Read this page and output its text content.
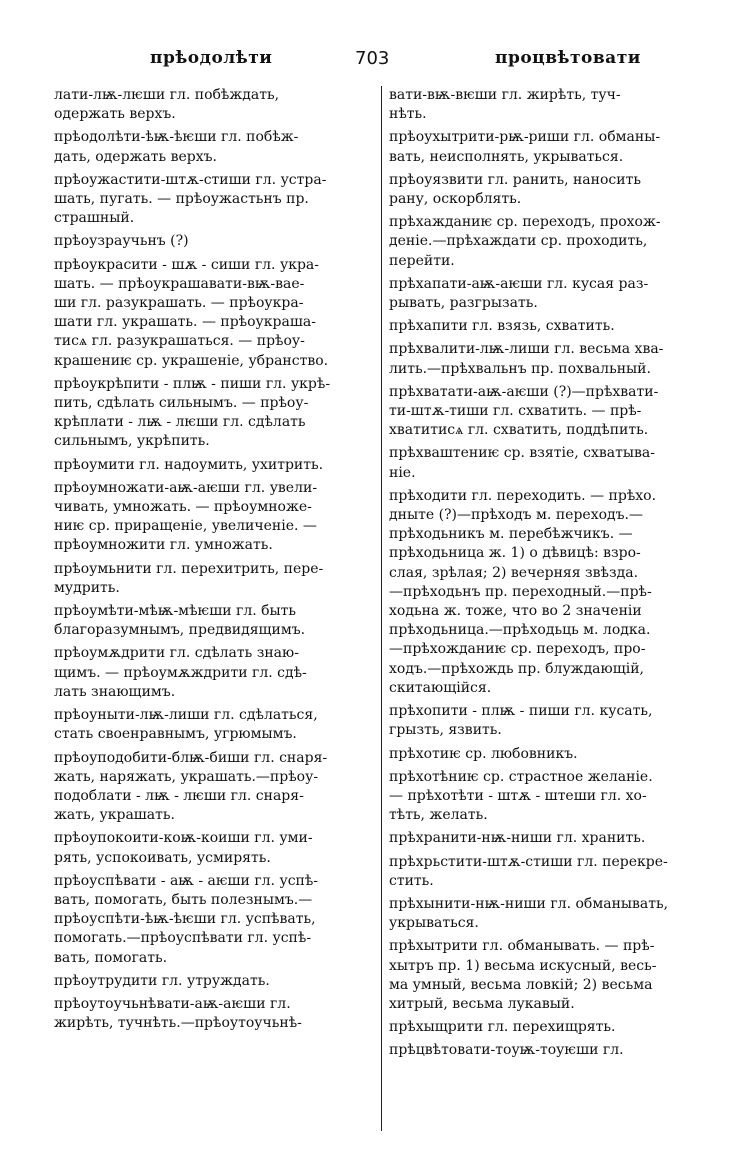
прѣодолѣти	703	процвѣтовати
лати-лѭ-лѥши гл. побѣждать,
одержать верхъ.
прѣодолѣти-ѣѭ-ѣѥши гл. побѣж-
дать, одержать верхъ.
прѣоужастити-штѫ-стиши гл. устра-
шать, пугать. — прѣоужастьнъ пр.
страшный.
прѣоузраучьнъ (?)
прѣоукрасити - шѫ - сиши гл. укра-
шать. — прѣоукрашавати-вѭ-вае-
ши гл. разукрашать. — прѣоукра-
шати гл. украшать. — прѣоукраша-
тисѧ гл. разукрашаться. — прѣоу-
крашениѥ ср. украшеніе, убранство.
прѣоукрѣпити - плѭ - пиши гл. укрѣ-
пить, сдѣлать сильнымъ. — прѣоу-
крѣплати - лѭ - лѥши гл. сдѣлать
сильнымъ, укрѣпить.
прѣоумити гл. надоумить, ухитрить.
прѣоумножати-аѭ-аѥши гл. увели-
чивать, умножать. — прѣоумноже-
ниѥ ср. приращеніе, увеличеніе. —
прѣоумножити гл. умножать.
прѣоумьнити гл. перехитрить, пере-
мудрить.
прѣоумѣти-мѣѭ-мѣѥши гл. быть
благоразумнымъ, предвидящимъ.
прѣоумѫдрити гл. сдѣлать знаю-
щимъ. — прѣоумѫждрити гл. сдѣ-
лать знающимъ.
прѣоуныти-лѭ-лиши гл. сдѣлаться,
стать своенравнымъ, угрюмымъ.
прѣоуподобити-блѭ-биши гл. снаря-
жать, наряжать, украшать.—прѣоу-
подоблати - лѭ - лѥши гл. снаря-
жать, украшать.
прѣоупокоити-коѭ-коиши гл. уми-
рять, успокоивать, усмирять.
прѣоуспѣвати - аѭ - аѥши гл. успѣ-
вать, помогать, быть полезнымъ.—
прѣоуспѣти-ѣѭ-ѣѥши гл. успѣвать,
помогать.—прѣоуспѣвати гл. успѣ-
вать, помогать.
прѣоутрудити гл. утруждать.
прѣоутоучьнѣвати-аѭ-аѥши гл.
жирѣть, тучнѣть.—прѣоутоучьнѣ-
вати-вѭ-вѥши гл. жирѣть, туч-
нѣть.
прѣоухытрити-рѭ-риши гл. обманы-
вать, неисполнять, укрываться.
прѣоуязвити гл. ранить, наносить
рану, оскорблять.
прѣхажданиѥ ср. переходъ, прохож-
деніе.—прѣхаждати ср. проходить,
перейти.
прѣхапати-аѭ-аѥши гл. кусая раз-
рывать, разгрызать.
прѣхапити гл. взязь, схватить.
прѣхвалити-лѭ-лиши гл. весьма хва-
лить.—прѣхвальнъ пр. похвальный.
прѣхватати-аѭ-аѥши (?)—прѣхвати-
ти-штѫ-тиши гл. схватить. — прѣ-
хватитисѧ гл. схватить, поддѣпить.
прѣхваштениѥ ср. взятіе, схватыва-
ніе.
прѣходити гл. переходить. — прѣхо.
дныте (?)—прѣходъ м. переходъ.—
прѣходьникъ м. перебѣжчикъ. —
прѣходьница ж. 1) о дѣвицѣ: взро-
слая, зрѣлая; 2) вечерняя звѣзда.
—прѣходьнъ пр. переходный.—прѣ-
ходьна ж. тоже, что во 2 значеніи
прѣходьница.—прѣходьць м. лодка.
—прѣхожданиѥ ср. переходъ, про-
ходъ.—прѣхождь пр. блуждающій,
скитающійся.
прѣхопити - плѭ - пиши гл. кусать,
грызть, язвить.
прѣхотиѥ ср. любовникъ.
прѣхотѣниѥ ср. страстное желаніе.
— прѣхотѣти - штѫ - штеши гл. хо-
тѣть, желать.
прѣхранити-нѭ-ниши гл. хранить.
прѣхрьстити-штѫ-стиши гл. перекре-
стить.
прѣхынити-нѭ-ниши гл. обманывать,
укрываться.
прѣхытрити гл. обманывать. — прѣ-
хытръ пр. 1) весьма искусный, весь-
ма умный, весьма ловкій; 2) весьма
хитрый, весьма лукавый.
прѣхыщрити гл. перехищрять.
прѣцвѣтовати-тоуѭ-тоуѥши гл.
